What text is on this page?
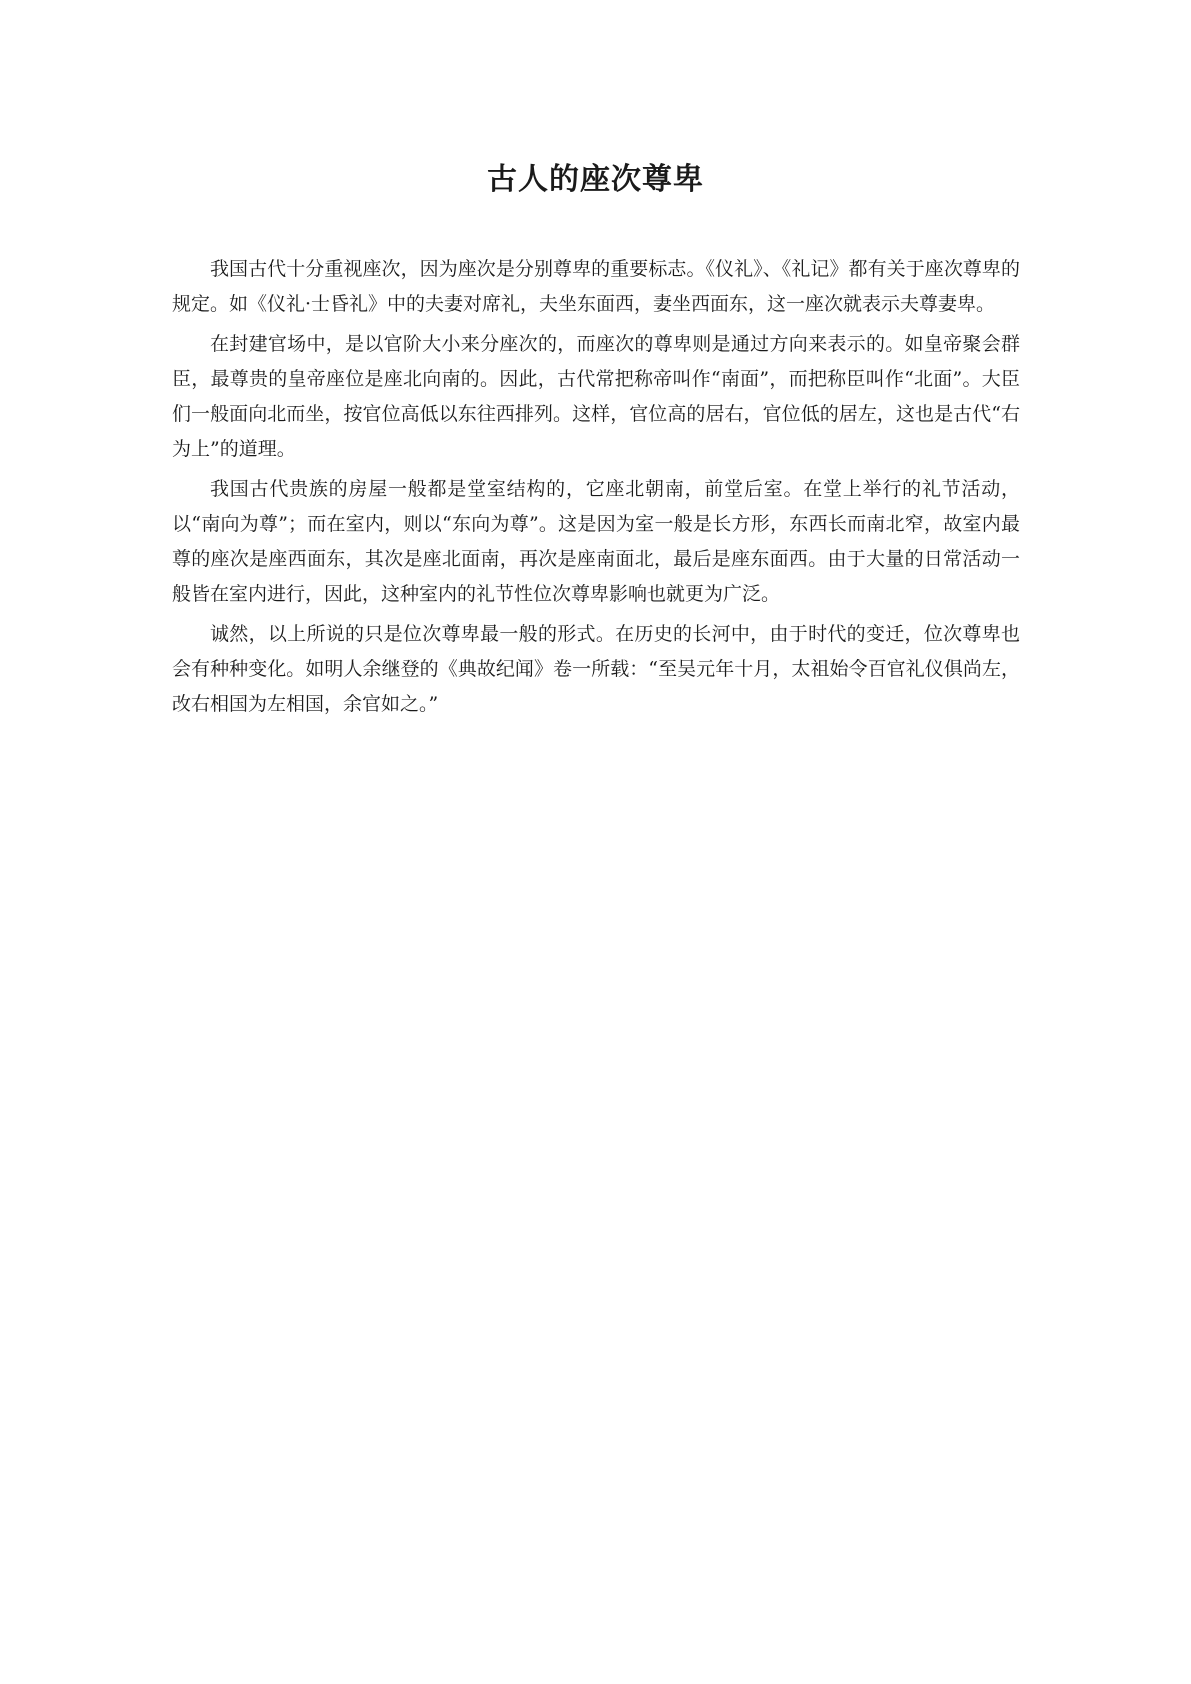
古人的座次尊卑

我国古代十分重视座次，因为座次是分别尊卑的重要标志。《仪礼》、《礼记》都有关于座次尊卑的规定。如《仪礼·士昏礼》中的夫妻对席礼，夫坐东面西，妻坐西面东，这一座次就表示夫尊妻卑。

在封建官场中，是以官阶大小来分座次的，而座次的尊卑则是通过方向来表示的。如皇帝聚会群臣，最尊贵的皇帝座位是座北向南的。因此，古代常把称帝叫作“南面”，而把称臣叫作“北面”。大臣们一般面向北而坐，按官位高低以东往西排列。这样，官位高的居右，官位低的居左，这也是古代“右为上”的道理。

我国古代贵族的房屋一般都是堂室结构的，它座北朝南，前堂后室。在堂上举行的礼节活动，以“南向为尊”；而在室内，则以“东向为尊”。这是因为室一般是长方形，东西长而南北窄，故室内最尊的座次是座西面东，其次是座北面南，再次是座南面北，最后是座东面西。由于大量的日常活动一般皆在室内进行，因此，这种室内的礼节性位次尊卑影响也就更为广泛。

诚然，以上所说的只是位次尊卑最一般的形式。在历史的长河中，由于时代的变迁，位次尊卑也会有种种变化。如明人余继登的《典故纪闻》卷一所载：“至吴元年十月，太祖始令百官礼仪俱尚左，改右相国为左相国，余官如之。”
